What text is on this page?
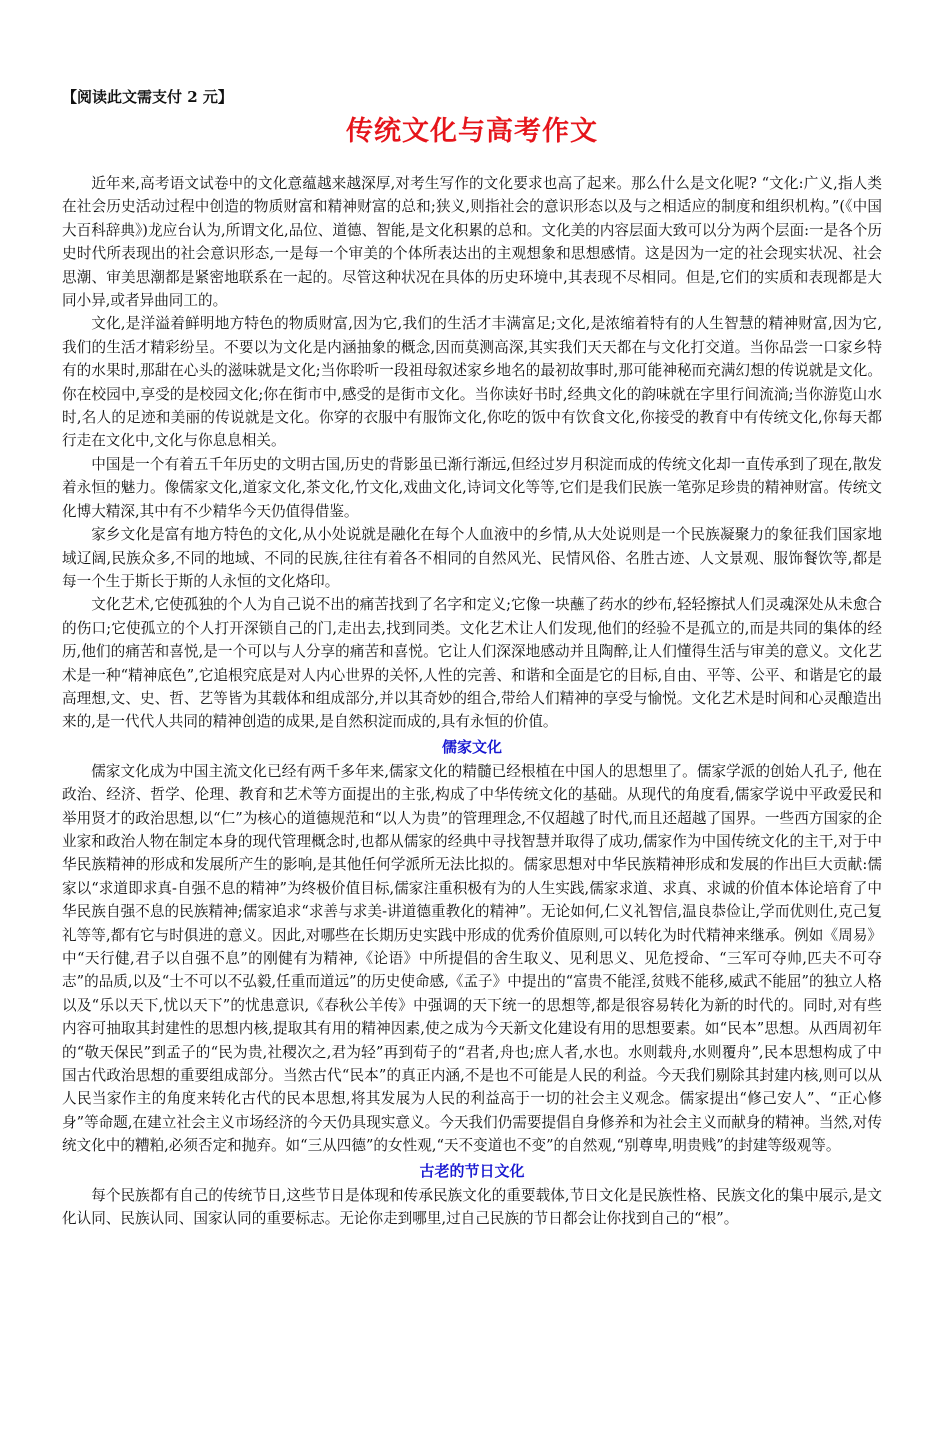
【阅读此文需支付 2 元】
传统文化与高考作文

近年来,高考语文试卷中的文化意蕴越来越深厚,对考生写作的文化要求也高了起来。那么什么是文化呢? “文化:广义,指人类在社会历史活动过程中创造的物质财富和精神财富的总和;狭义,则指社会的意识形态以及与之相适应的制度和组织机构。”(《中国大百科辞典》)龙应台认为,所谓文化,品位、道德、智能,是文化积累的总和。文化美的内容层面大致可以分为两个层面:一是各个历史时代所表现出的社会意识形态,一是每一个审美的个体所表达出的主观想象和思想感情。这是因为一定的社会现实状况、社会思潮、审美思潮都是紧密地联系在一起的。尽管这种状况在具体的历史环境中,其表现不尽相同。但是,它们的实质和表现都是大同小异,或者异曲同工的。

文化,是洋溢着鲜明地方特色的物质财富,因为它,我们的生活才丰满富足;文化,是浓缩着特有的人生智慧的精神财富,因为它,我们的生活才精彩纷呈。不要以为文化是内涵抽象的概念,因而莫测高深,其实我们天天都在与文化打交道。当你品尝一口家乡特有的水果时,那甜在心头的滋味就是文化;当你聆听一段祖母叙述家乡地名的最初故事时,那可能神秘而充满幻想的传说就是文化。你在校园中,享受的是校园文化;你在街市中,感受的是街市文化。当你读好书时,经典文化的韵味就在字里行间流淌;当你游览山水时,名人的足迹和美丽的传说就是文化。你穿的衣服中有服饰文化,你吃的饭中有饮食文化,你接受的教育中有传统文化,你每天都行走在文化中,文化与你息息相关。

中国是一个有着五千年历史的文明古国,历史的背影虽已渐行渐远,但经过岁月积淀而成的传统文化却一直传承到了现在,散发着永恒的魅力。像儒家文化,道家文化,茶文化,竹文化,戏曲文化,诗词文化等等,它们是我们民族一笔弥足珍贵的精神财富。传统文化博大精深,其中有不少精华今天仍值得借鉴。

家乡文化是富有地方特色的文化,从小处说就是融化在每个人血液中的乡情,从大处说则是一个民族凝聚力的象征我们国家地域辽阔,民族众多,不同的地域、不同的民族,往往有着各不相同的自然风光、民情风俗、名胜古迹、人文景观、服饰餐饮等,都是每一个生于斯长于斯的人永恒的文化烙印。

文化艺术,它使孤独的个人为自己说不出的痛苦找到了名字和定义;它像一块蘸了药水的纱布,轻轻擦拭人们灵魂深处从未愈合的伤口;它使孤立的个人打开深锁自己的门,走出去,找到同类。文化艺术让人们发现,他们的经验不是孤立的,而是共同的集体的经历,他们的痛苦和喜悦,是一个可以与人分享的痛苦和喜悦。它让人们深深地感动并且陶醉,让人们懂得生活与审美的意义。文化艺术是一种“精神底色”,它追根究底是对人内心世界的关怀,人性的完善、和谐和全面是它的目标,自由、平等、公平、和谐是它的最高理想,文、史、哲、艺等皆为其载体和组成部分,并以其奇妙的组合,带给人们精神的享受与愉悦。文化艺术是时间和心灵酿造出来的,是一代代人共同的精神创造的成果,是自然积淀而成的,具有永恒的价值。

儒家文化

儒家文化成为中国主流文化已经有两千多年来,儒家文化的精髓已经根植在中国人的思想里了。儒家学派的创始人孔子, 他在政治、经济、哲学、伦理、教育和艺术等方面提出的主张,构成了中华传统文化的基础。从现代的角度看,儒家学说中平政爱民和举用贤才的政治思想,以“仁”为核心的道德规范和“以人为贵”的管理理念,不仅超越了时代,而且还超越了国界。一些西方国家的企业家和政治人物在制定本身的现代管理概念时,也都从儒家的经典中寻找智慧并取得了成功,儒家作为中国传统文化的主干,对于中华民族精神的形成和发展所产生的影响,是其他任何学派所无法比拟的。儒家思想对中华民族精神形成和发展的作出巨大贡献:儒家以“求道即求真-自强不息的精神”为终极价值目标,儒家注重积极有为的人生实践,儒家求道、求真、求诚的价值本体论培育了中华民族自强不息的民族精神;儒家追求“求善与求美-讲道德重教化的精神”。无论如何,仁义礼智信,温良恭俭让,学而优则仕,克己复礼等等,都有它与时俱进的意义。因此,对哪些在长期历史实践中形成的优秀价值原则,可以转化为时代精神来继承。例如《周易》中“天行健,君子以自强不息”的刚健有为精神,《论语》中所提倡的舍生取义、见利思义、见危授命、“三军可夺帅,匹夫不可夺志”的品质,以及“士不可以不弘毅,任重而道远”的历史使命感,《孟子》中提出的“富贵不能淫,贫贱不能移,威武不能屈”的独立人格以及“乐以天下,忧以天下”的忧患意识,《春秋公羊传》中强调的天下统一的思想等,都是很容易转化为新的时代的。同时,对有些内容可抽取其封建性的思想内核,提取其有用的精神因素,使之成为今天新文化建设有用的思想要素。如“民本”思想。从西周初年的“敬天保民”到孟子的“民为贵,社稷次之,君为轻”再到荀子的“君者,舟也;庶人者,水也。水则载舟,水则覆舟”,民本思想构成了中国古代政治思想的重要组成部分。当然古代“民本”的真正内涵,不是也不可能是人民的利益。今天我们剔除其封建内核,则可以从人民当家作主的角度来转化古代的民本思想,将其发展为人民的利益高于一切的社会主义观念。儒家提出“修己安人”、“正心修身”等命题,在建立社会主义市场经济的今天仍具现实意义。今天我们仍需要提倡自身修养和为社会主义而献身的精神。当然,对传统文化中的糟粕,必须否定和抛弃。如“三从四德”的女性观,“天不变道也不变”的自然观,“别尊卑,明贵贱”的封建等级观等。

古老的节日文化

每个民族都有自己的传统节日,这些节日是体现和传承民族文化的重要载体,节日文化是民族性格、民族文化的集中展示,是文化认同、民族认同、国家认同的重要标志。无论你走到哪里,过自己民族的节日都会让你找到自己的“根”。
